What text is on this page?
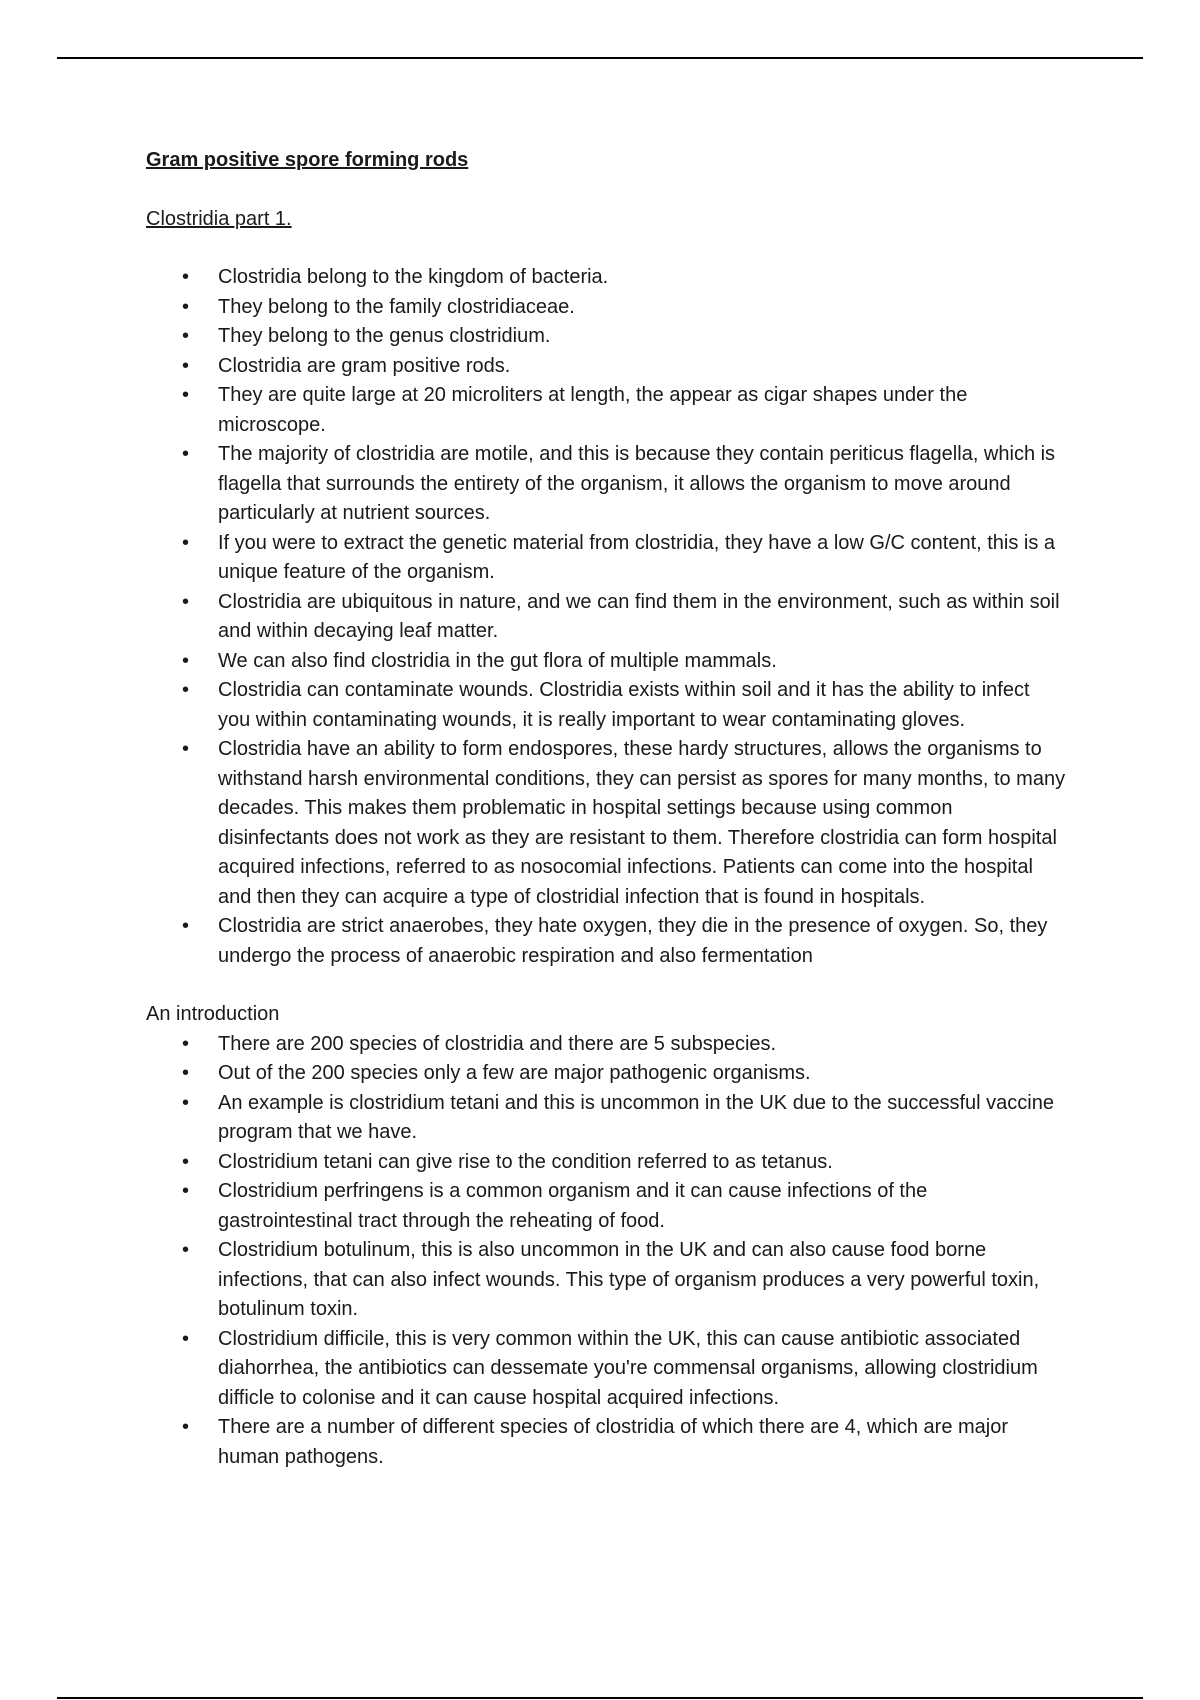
Gram positive spore forming rods
Clostridia part 1.
• Clostridia belong to the kingdom of bacteria.
• They belong to the family clostridiaceae.
• They belong to the genus clostridium.
• Clostridia are gram positive rods.
• They are quite large at 20 microliters at length, the appear as cigar shapes under the microscope.
• The majority of clostridia are motile, and this is because they contain periticus flagella, which is flagella that surrounds the entirety of the organism, it allows the organism to move around particularly at nutrient sources.
• If you were to extract the genetic material from clostridia, they have a low G/C content, this is a unique feature of the organism.
• Clostridia are ubiquitous in nature, and we can find them in the environment, such as within soil and within decaying leaf matter.
• We can also find clostridia in the gut flora of multiple mammals.
• Clostridia can contaminate wounds. Clostridia exists within soil and it has the ability to infect you within contaminating wounds, it is really important to wear contaminating gloves.
• Clostridia have an ability to form endospores, these hardy structures, allows the organisms to withstand harsh environmental conditions, they can persist as spores for many months, to many decades. This makes them problematic in hospital settings because using common disinfectants does not work as they are resistant to them. Therefore clostridia can form hospital acquired infections, referred to as nosocomial infections. Patients can come into the hospital and then they can acquire a type of clostridial infection that is found in hospitals.
• Clostridia are strict anaerobes, they hate oxygen, they die in the presence of oxygen. So, they undergo the process of anaerobic respiration and also fermentation
An introduction
• There are 200 species of clostridia and there are 5 subspecies.
• Out of the 200 species only a few are major pathogenic organisms.
• An example is clostridium tetani and this is uncommon in the UK due to the successful vaccine program that we have.
• Clostridium tetani can give rise to the condition referred to as tetanus.
• Clostridium perfringens is a common organism and it can cause infections of the gastrointestinal tract through the reheating of food.
• Clostridium botulinum, this is also uncommon in the UK and can also cause food borne infections, that can also infect wounds. This type of organism produces a very powerful toxin, botulinum toxin.
• Clostridium difficile, this is very common within the UK, this can cause antibiotic associated diahorrhea, the antibiotics can dessemate you're commensal organisms, allowing clostridium difficle to colonise and it can cause hospital acquired infections.
• There are a number of different species of clostridia of which there are 4, which are major human pathogens.
